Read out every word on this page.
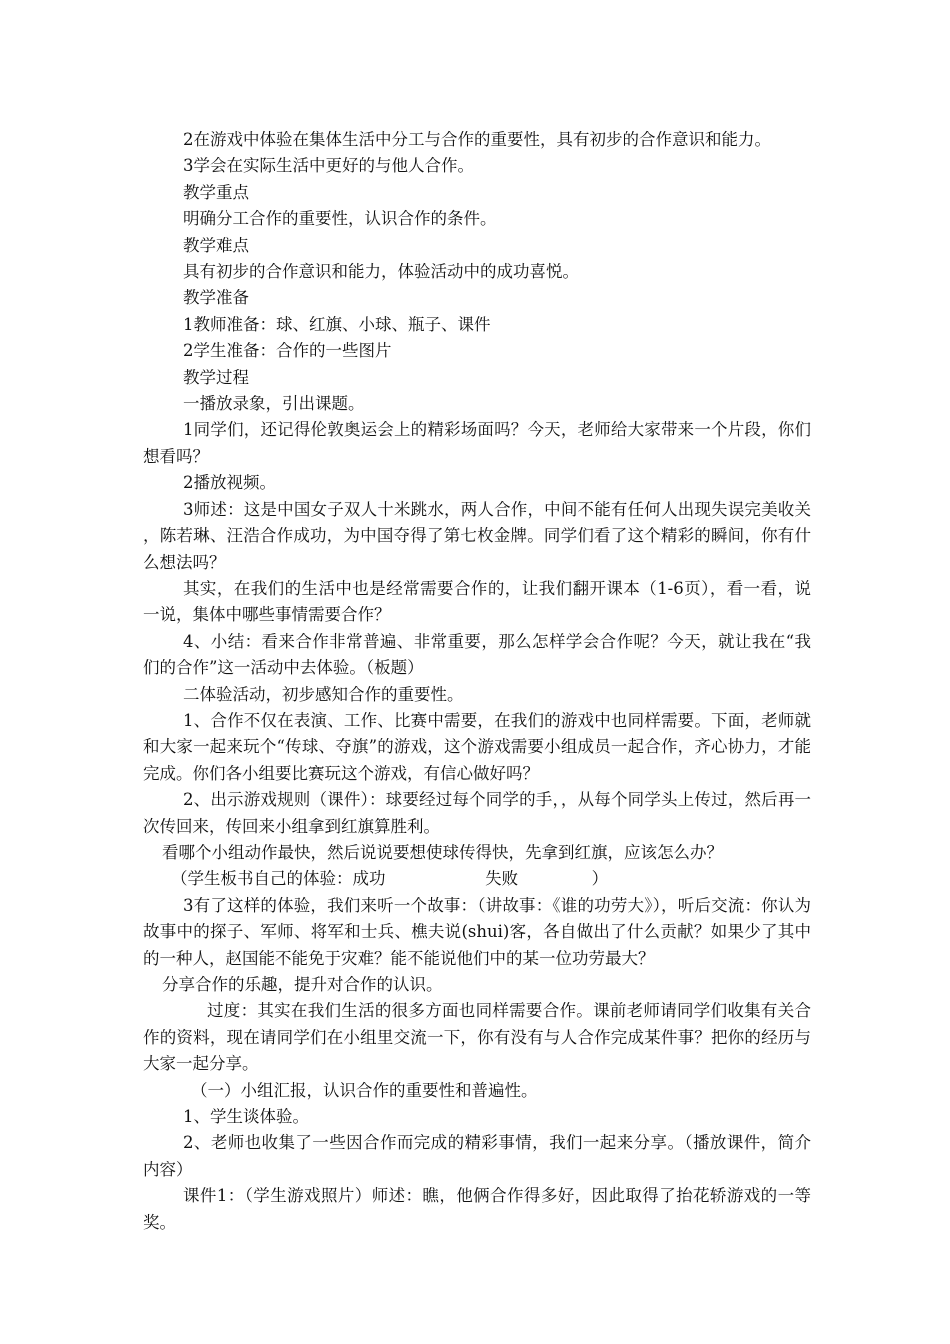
2在游戏中体验在集体生活中分工与合作的重要性，具有初步的合作意识和能力。

3学会在实际生活中更好的与他人合作。

教学重点

明确分工合作的重要性，认识合作的条件。

教学难点

具有初步的合作意识和能力，体验活动中的成功喜悦。

教学准备

1教师准备：球、红旗、小球、瓶子、课件

2学生准备：合作的一些图片

教学过程

一播放录象，引出课题。

1同学们，还记得伦敦奥运会上的精彩场面吗？今天，老师给大家带来一个片段，你们想看吗？

2播放视频。

3师述：这是中国女子双人十米跳水，两人合作，中间不能有任何人出现失误完美收关 ，陈若琳、汪浩合作成功，为中国夺得了第七枚金牌。同学们看了这个精彩的瞬间，你有什么想法吗？

其实，在我们的生活中也是经常需要合作的，让我们翻开课本（1-6页），看一看，说一说，集体中哪些事情需要合作？

4、小结：看来合作非常普遍、非常重要，那么怎样学会合作呢？今天，就让我在“我们的合作”这一活动中去体验。（板题）

二体验活动，初步感知合作的重要性。

1、合作不仅在表演、工作、比赛中需要，在我们的游戏中也同样需要。下面，老师就和大家一起来玩个“传球、夺旗”的游戏，这个游戏需要小组成员一起合作，齐心协力，才能完成。你们各小组要比赛玩这个游戏，有信心做好吗？

2、出示游戏规则（课件）：球要经过每个同学的手，，从每个同学头上传过，然后再一次传回来，传回来小组拿到红旗算胜利。

看哪个小组动作最快，然后说说要想使球传得快，先拿到红旗，应该怎么办？

（学生板书自己的体验：成功                   失败              ）

3有了这样的体验，我们来听一个故事：（讲故事：《谁的功劳大》），听后交流：你认为故事中的探子、军师、将军和士兵、樵夫说(shui)客，各自做出了什么贡献？如果少了其中的一种人，赵国能不能免于灾难？能不能说他们中的某一位功劳最大？

分享合作的乐趣，提升对合作的认识。

过度：其实在我们生活的很多方面也同样需要合作。课前老师请同学们收集有关合作的资料，现在请同学们在小组里交流一下，你有没有与人合作完成某件事？把你的经历与大家一起分享。

（一）小组汇报，认识合作的重要性和普遍性。

1、学生谈体验。

2、老师也收集了一些因合作而完成的精彩事情，我们一起来分享。（播放课件，简介内容）

课件1：（学生游戏照片）师述：瞧，他俩合作得多好，因此取得了抬花轿游戏的一等奖。
